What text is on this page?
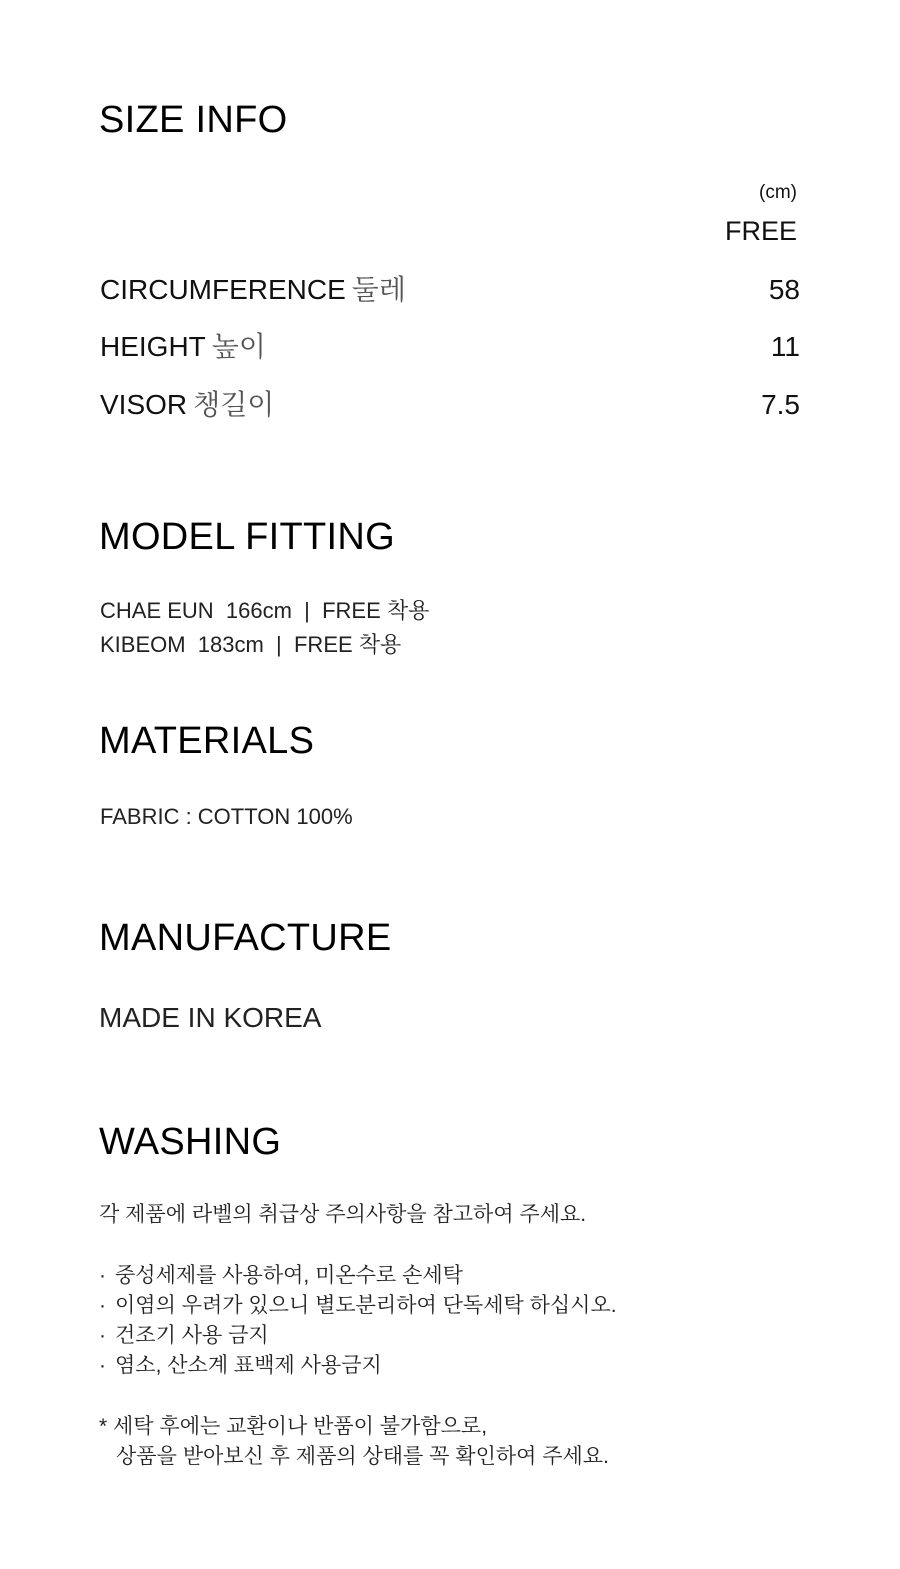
SIZE INFO
(cm)
FREE
CIRCUMFERENCE 둘레	58
HEIGHT 높이	11
VISOR 챙길이	7.5
MODEL FITTING
CHAE EUN  166cm  |  FREE 착용
KIBEOM  183cm  |  FREE 착용
MATERIALS
FABRIC : COTTON 100%
MANUFACTURE
MADE IN KOREA
WASHING
각 제품에 라벨의 취급상 주의사항을 참고하여 주세요.
· 중성세제를 사용하여, 미온수로 손세탁
· 이염의 우려가 있으니 별도분리하여 단독세탁 하십시오.
· 건조기 사용 금지
· 염소, 산소계 표백제 사용금지
* 세탁 후에는 교환이나 반품이 불가함으로,
상품을 받아보신 후 제품의 상태를 꼭 확인하여 주세요.
